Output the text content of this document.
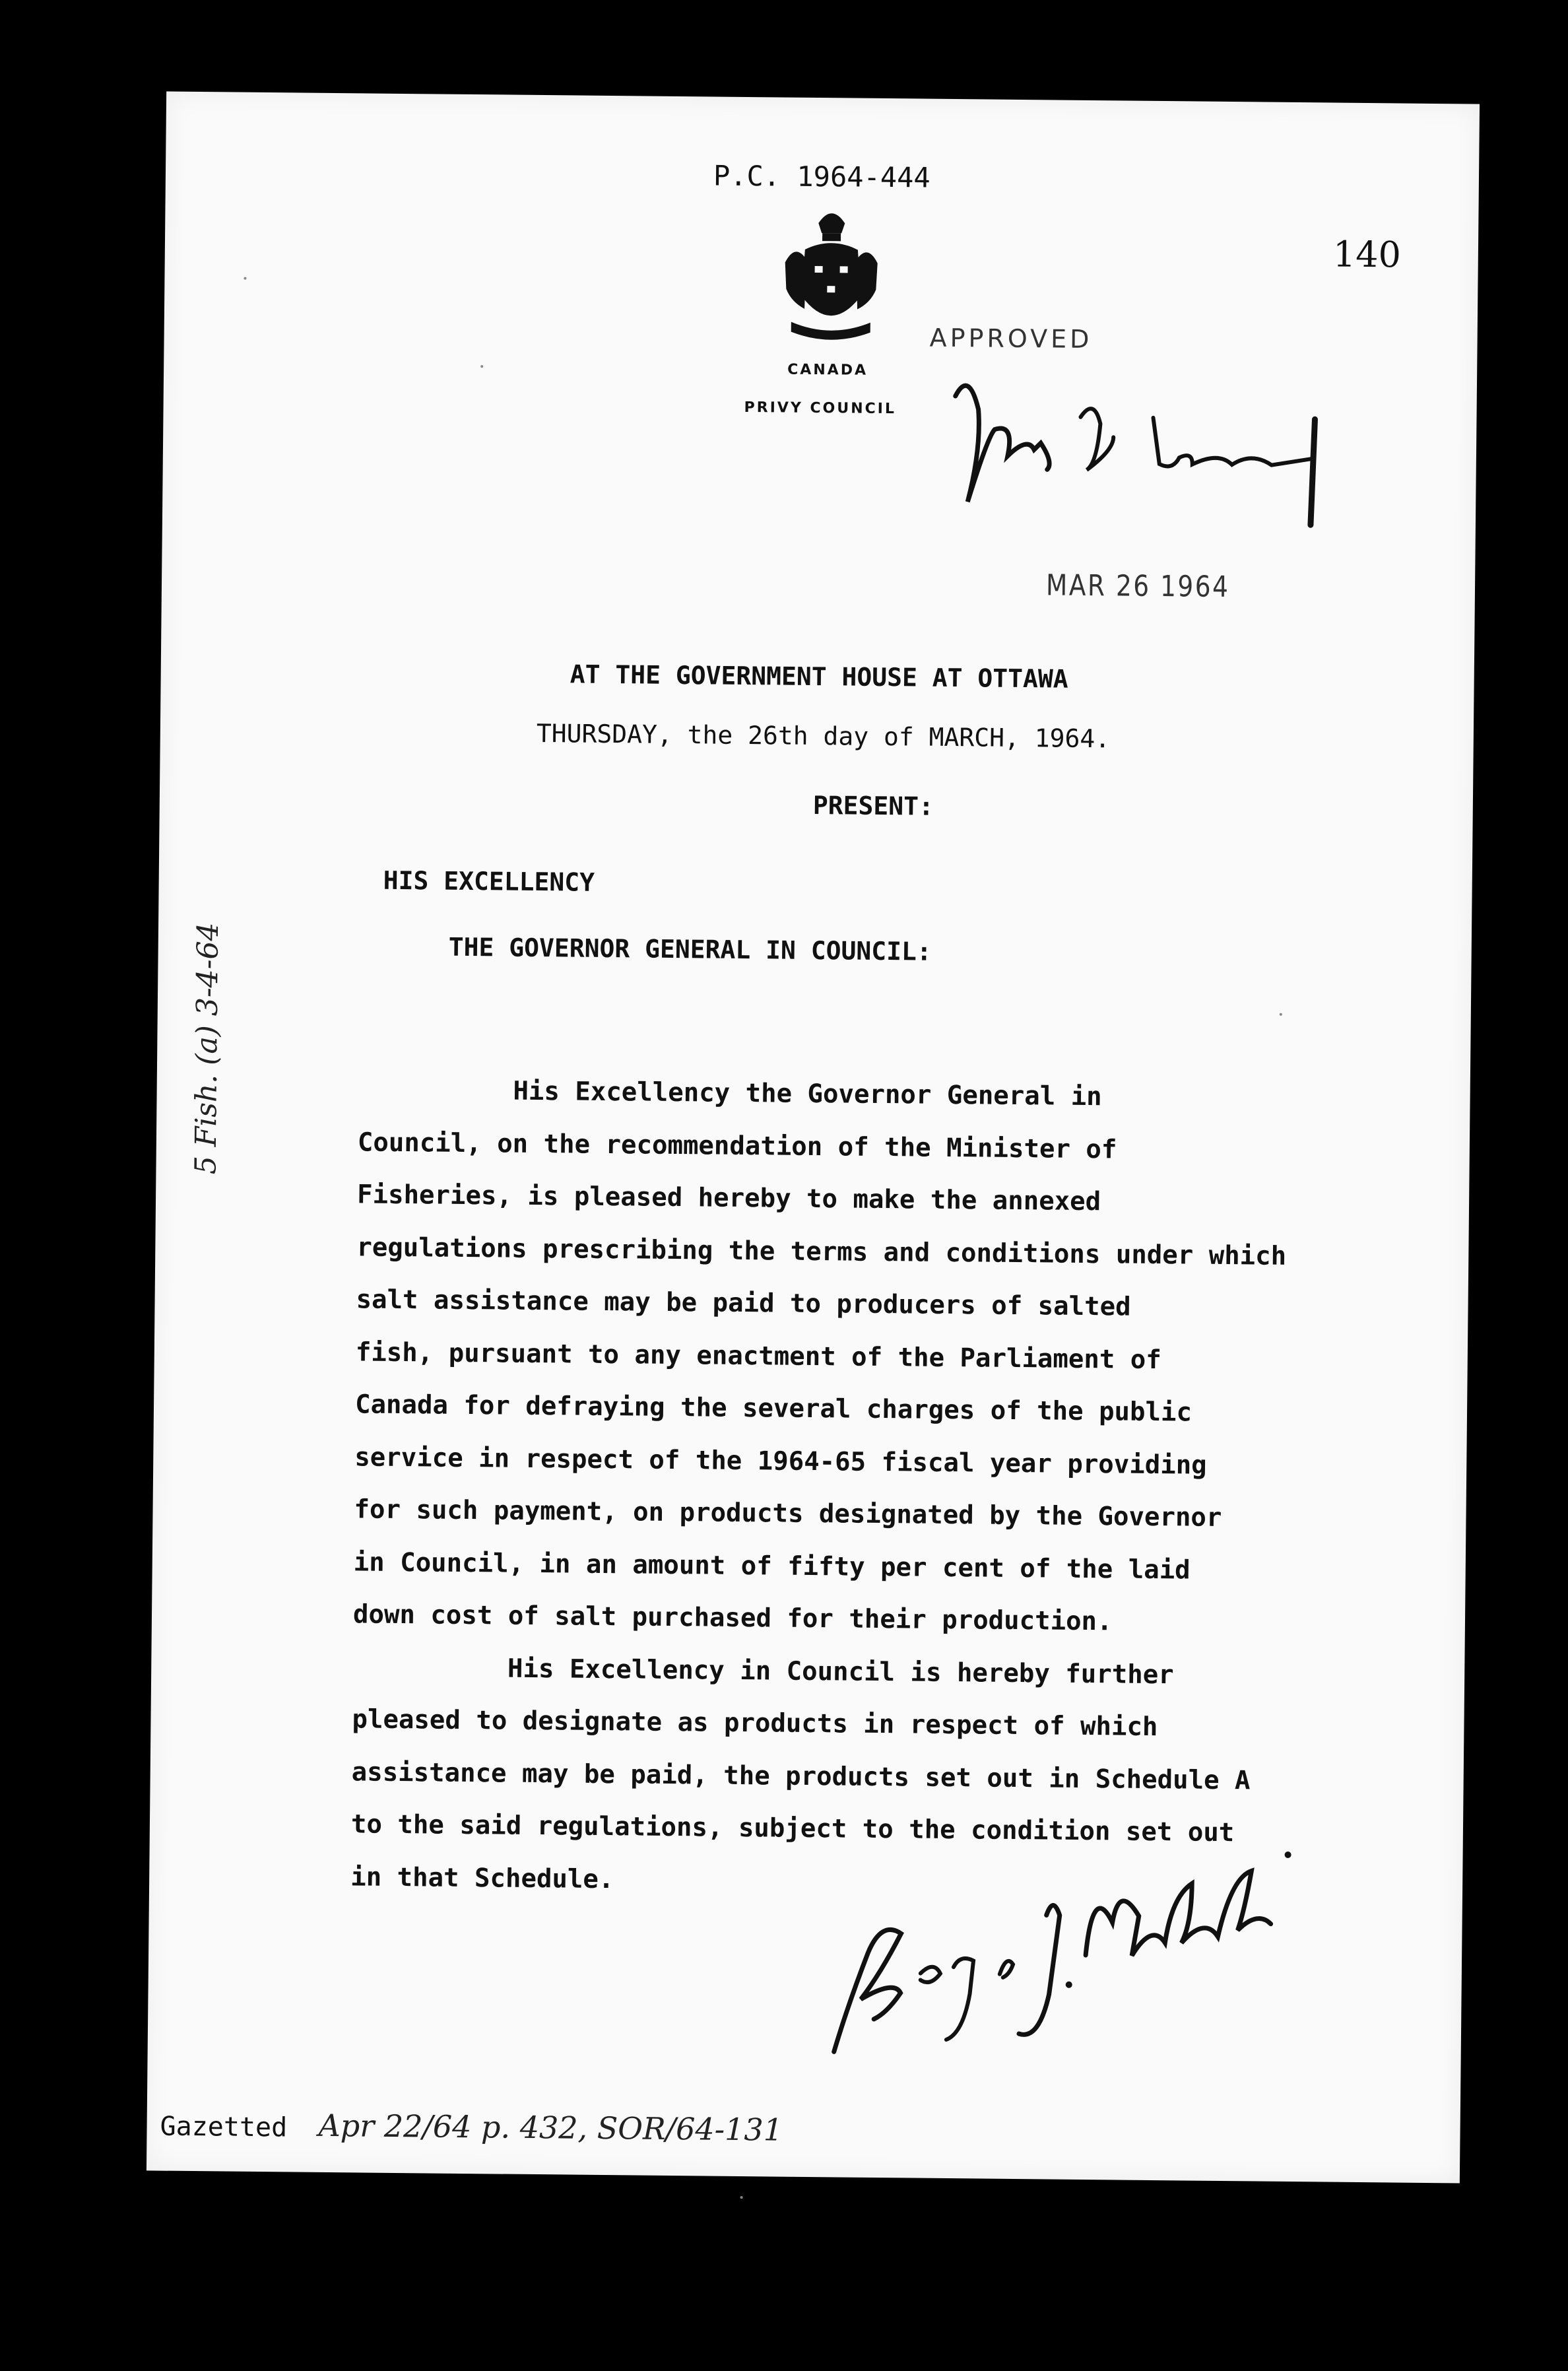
P.C. 1964-444
140
CANADA
PRIVY COUNCIL
APPROVED
MAR 26 1964
AT THE GOVERNMENT HOUSE AT OTTAWA
THURSDAY, the 26th day of MARCH, 1964.
PRESENT:
HIS EXCELLENCY
THE GOVERNOR GENERAL IN COUNCIL:
His Excellency the Governor General in
Council, on the recommendation of the Minister of
Fisheries, is pleased hereby to make the annexed
regulations prescribing the terms and conditions under which
salt assistance may be paid to producers of salted
fish, pursuant to any enactment of the Parliament of
Canada for defraying the several charges of the public
service in respect of the 1964-65 fiscal year providing
for such payment, on products designated by the Governor
in Council, in an amount of fifty per cent of the laid
down cost of salt purchased for their production.
His Excellency in Council is hereby further
pleased to designate as products in respect of which
assistance may be paid, the products set out in Schedule A
to the said regulations, subject to the condition set out
in that Schedule.
5 Fish. (a) 3-4-64
Gazetted Apr 22/64 p. 432, SOR/64-131
